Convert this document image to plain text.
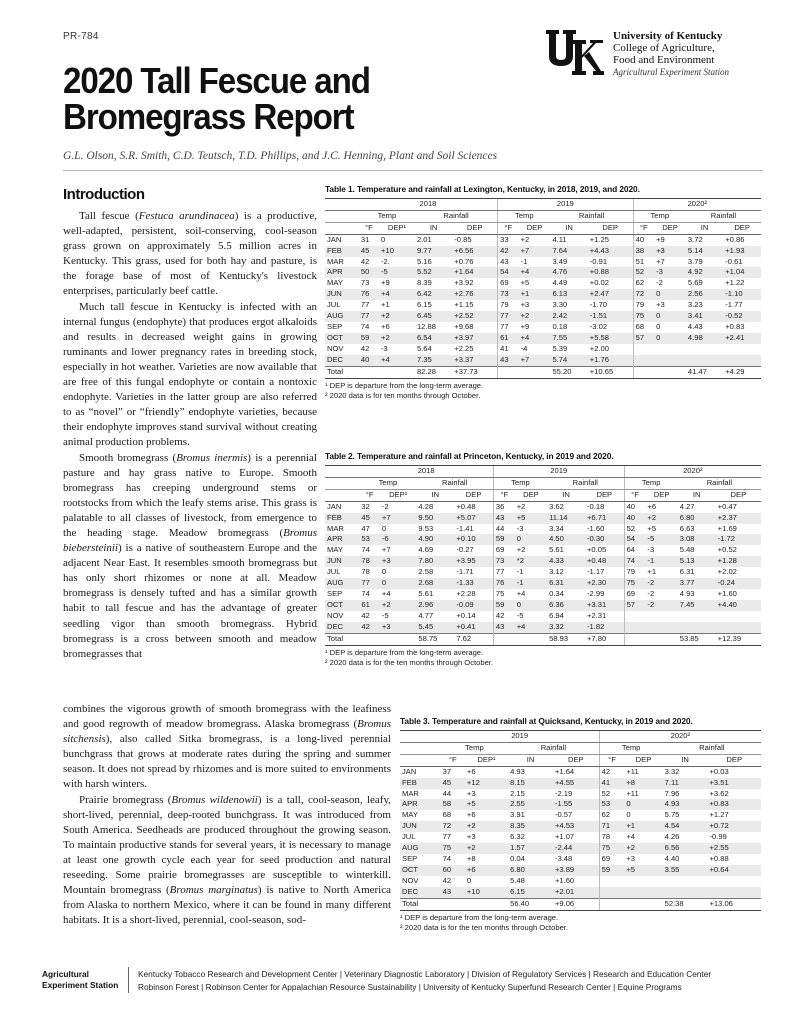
PR-784	University of Kentucky
College of Agriculture,
Food and Environment
Agricultural Experiment Station
2020 Tall Fescue and
Bromegrass Report
G.L. Olson, S.R. Smith, C.D. Teutsch, T.D. Phillips, and J.C. Henning, Plant and Soil Sciences
Introduction

Tall fescue (Festuca arundinacea) is a productive, well-adapted, persistent, soil-conserving, cool-season grass grown on approximately 5.5 million acres in Kentucky. This grass, used for both hay and pasture, is the forage base of most of Kentucky's livestock enterprises, particularly beef cattle.

Much tall fescue in Kentucky is infected with an internal fungus (endophyte) that produces ergot alkaloids and results in decreased weight gains in growing ruminants and lower pregnancy rates in breeding stock, especially in hot weather. Varieties are now available that are free of this fungal endophyte or contain a nontoxic endophyte. Varieties in the latter group are also referred to as “novel” or “friendly” endophyte varieties, because their endophyte improves stand survival without creating animal production problems.

Smooth bromegrass (Bromus inermis) is a perennial pasture and hay grass native to Europe. Smooth bromegrass has creeping underground stems or rootstocks from which the leafy stems arise. This grass is palatable to all classes of livestock, from emergence to the heading stage. Meadow bromegrass (Bromus biebersteinii) is a native of southeastern Europe and the adjacent Near East. It resembles smooth bromegrass but has only short rhizomes or none at all. Meadow bromegrass is densely tufted and has a similar growth habit to tall fescue and has the advantage of greater seedling vigor than smooth bromegrass. Hybrid bromegrass is a cross between smooth and meadow bromegrasses that

combines the vigorous growth of smooth bromegrass with the leafiness and good regrowth of meadow bromegrass. Alaska bromegrass (Bromus sitchensis), also called Sitka bromegrass, is a long-lived perennial bunchgrass that grows at moderate rates during the spring and summer season. It does not spread by rhizomes and is more suited to environments with harsh winters.

Prairie bromegrass (Bromus wildenowii) is a tall, cool-season, leafy, short-lived, perennial, deep-rooted bunchgrass. It was introduced from South America. Seedheads are produced throughout the growing season. To maintain productive stands for several years, it is necessary to manage at least one growth cycle each year for seed production and natural reseeding. Some prairie bromegrasses are susceptible to winterkill. Mountain bromegrass (Bromus marginatus) is native to North America from Alaska to northern Mexico, where it can be found in many different habitats. It is a short-lived, perennial, cool-season, sod-

Table 1. Temperature and rainfall at Lexington, Kentucky, in 2018, 2019, and 2020.
	2018				2019				2020²			
	Temp		Rainfall		Temp		Rainfall		Temp		Rainfall	
	°F	DEP¹	IN	DEP	°F	DEP	IN	DEP	°F	DEP	IN	DEP
JAN	31	0	2.01	-0.85	33	+2	4.11	+1.25	40	+9	3.72	+0.86
FEB	45	+10	9.77	+6.56	42	+7	7.64	+4.43	38	+3	5.14	+1.93
MAR	42	-2.	5.16	+0.76	43	-1	3.49	-0.91	51	+7	3.79	-0.61
APR	50	-5	5.52	+1.64	54	+4	4.76	+0.88	52	-3	4.92	+1.04
MAY	73	+9	8.39	+3.92	69	+5	4.49	+0.02	62	-2	5.69	+1.22
JUN	76	+4	6.42	+2.76	73	+1	6.13	+2.47	72	0	2.56	-1.10
JUL	77	+1	6.15	+1.15	79	+3	3.30	-1.70	79	+3	3.23	-1.77
AUG	77	+2	6.45	+2.52	77	+2	2.42	-1.51	75	0	3.41	-0.52
SEP	74	+6	12.88	+9.68	77	+9	0.18	-3.02	68	0	4.43	+0.83
OCT	59	+2	6.54	+3.97	61	+4	7.55	+5.58	57	0	4.98	+2.41
NOV	42	-3	5.64	+2.25	41	-4	5.39	+2.00				
DEC	40	+4	7.35	+3.37	43	+7	5.74	+1.76				
Total			82.28	+37.73			55.20	+10.65			41.47	+4.29
¹ DEP is departure from the long-term average.
² 2020 data is for ten months through October.
Table 2. Temperature and rainfall at Princeton, Kentucky, in 2019 and 2020.
	2018				2019				2020²			
	Temp		Rainfall		Temp		Rainfall		Temp		Rainfall	
	°F	DEP¹	IN	DEP	°F	DEP	IN	DEP	°F	DEP	IN	DEP
JAN	32	-2	4.28	+0.48	36	+2	3.62	-0.18	40	+6	4.27	+0.47
FEB	45	+7	9.50	+5.07	43	+5	11.14	+6.71	40	+2	6.80	+2.37
MAR	47	0	9.53	-1.41	44	-3	3.34	-1.60	52	+5	6.63	+1.69
APR	53	-6	4.90	+0.10	59	0	4.50	-0.30	54	-5	3.08	-1.72
MAY	74	+7	4.69	-0.27	69	+2	5.61	+0.05	64	-3	5.48	+0.52
JUN	78	+3	7.80	+3.95	73	*2	4.33	+0.48	74	-1	5.13	+1.28
JUL	78	0	2.58	-1.71	77	-1	3.12	-1.17	79	+1	6.31	+2.02
AUG	77	0	2.68	-1.33	76	-1	6.31	+2.30	75	-2	3.77	-0.24
SEP	74	+4	5.61	+2.28	75	+4	0.34	-2.99	69	-2	4.93	+1.60
OCT	61	+2	2.96	-0.09	59	0	6.36	+3.31	57	-2	7.45	+4.40
NOV	42	-5	4.77	+0.14	42	-5	6.94	+2.31				
DEC	42	+3	5.45	+0.41	43	+4	3.32	-1.82				
Total			58.75	7.62			58.93	+7.80			53.85	+12.39
¹ DEP is departure from the long-term average.
² 2020 data is for the ten months through October.
Table 3. Temperature and rainfall at Quicksand, Kentucky, in 2019 and 2020.
	2019				2020²			
	Temp		Rainfall		Temp		Rainfall	
	°F	DEP¹	IN	DEP	°F	DEP	IN	DEP
JAN	37	+6	4.93	+1.64	42	+11	3.32	+0.03
FEB	45	+12	8.15	+4.55	41	+8	7.11	+3.51
MAR	44	+3	2.15	-2.19	52	+11	7.96	+3.62
APR	58	+5	2.55	-1.55	53	0	4.93	+0.83
MAY	68	+6	3.91	-0.57	62	0	5.75	+1.27
JUN	72	+2	8.35	+4.53	71	+1	4.54	+0.72
JUL	77	+3	6.32	+1.07	78	+4	4.26	-0.99
AUG	75	+2	1.57	-2.44	75	+2	6.56	+2.55
SEP	74	+8	0.04	-3.48	69	+3	4.40	+0.88
OCT	60	+6	6.80	+3.89	59	+5	3.55	+0.64
NOV	42	0	5.48	+1.60				
DEC	43	+10	6.15	+2.01				
Total			56.40	+9.06			52.38	+13.06
¹ DEP is departure from the long-term average.
² 2020 data is for the ten months through October.
Agricultural
Experiment Station
Kentucky Tobacco Research and Development Center | Veterinary Diagnostic Laboratory | Division of Regulatory Services | Research and Education Center
Robinson Forest | Robinson Center for Appalachian Resource Sustainability | University of Kentucky Superfund Research Center | Equine Programs
